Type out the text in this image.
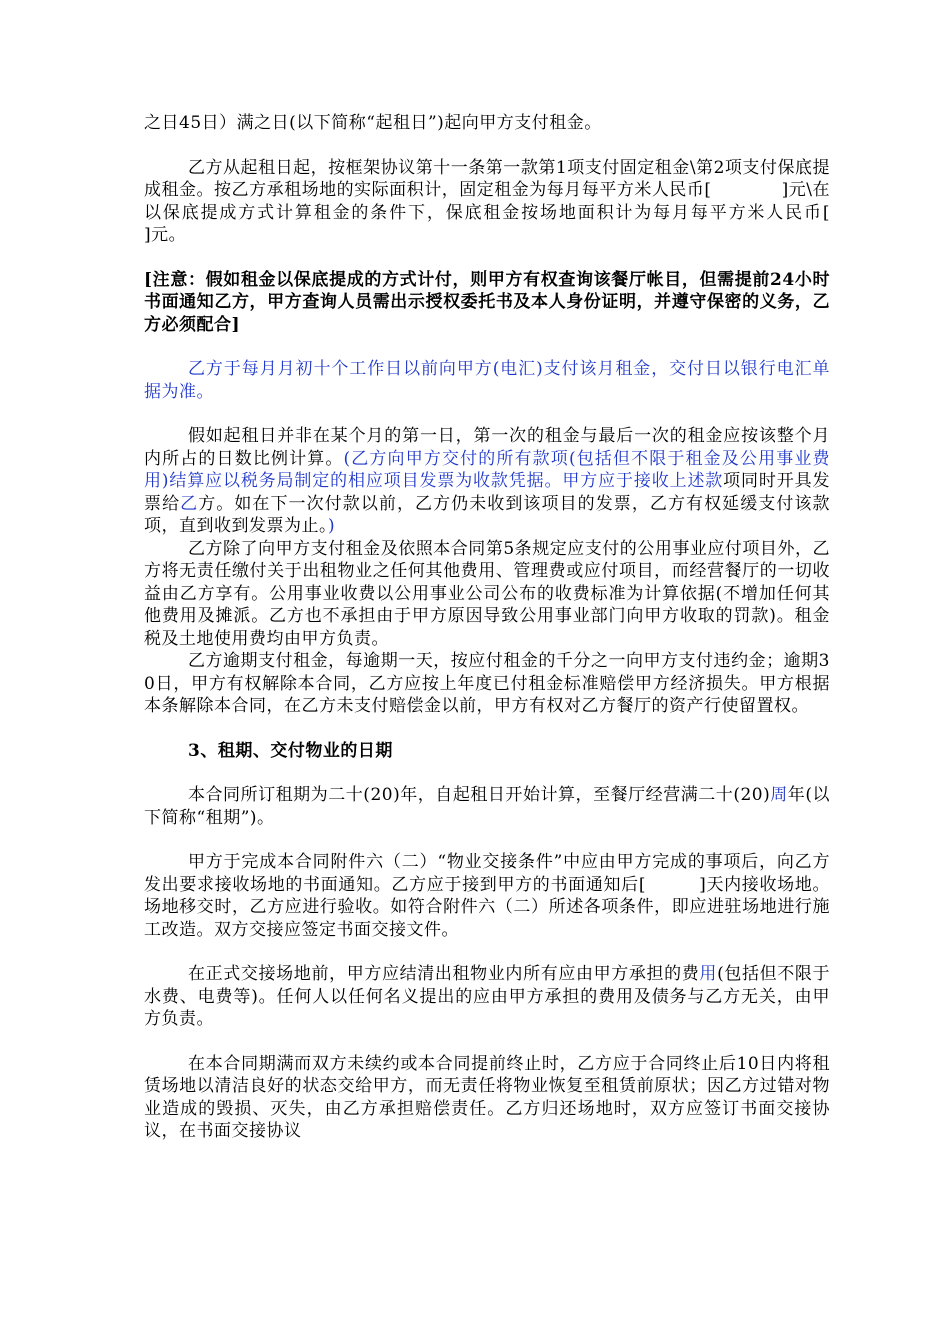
之日45日）满之日(以下简称“起租日”)起向甲方支付租金。

乙方从起租日起，按框架协议第十一条第一款第1项支付固定租金\第2项支付保底提成租金。按乙方承租场地的实际面积计，固定租金为每月每平方米人民币[　　　　]元\在以保底提成方式计算租金的条件下，保底租金按场地面积计为每月每平方米人民币[　　　]元。

[注意：假如租金以保底提成的方式计付，则甲方有权查询该餐厅帐目，但需提前24小时书面通知乙方，甲方查询人员需出示授权委托书及本人身份证明，并遵守保密的义务，乙方必须配合]

乙方于每月月初十个工作日以前向甲方(电汇)支付该月租金，交付日以银行电汇单据为准。

假如起租日并非在某个月的第一日，第一次的租金与最后一次的租金应按该整个月内所占的日数比例计算。(乙方向甲方交付的所有款项(包括但不限于租金及公用事业费用)结算应以税务局制定的相应项目发票为收款凭据。甲方应于接收上述款项同时开具发票给乙方。如在下一次付款以前，乙方仍未收到该项目的发票，乙方有权延缓支付该款项，直到收到发票为止。)

乙方除了向甲方支付租金及依照本合同第5条规定应支付的公用事业应付项目外，乙方将无责任缴付关于出租物业之任何其他费用、管理费或应付项目，而经营餐厅的一切收益由乙方享有。公用事业收费以公用事业公司公布的收费标准为计算依据(不增加任何其他费用及摊派。乙方也不承担由于甲方原因导致公用事业部门向甲方收取的罚款)。租金税及土地使用费均由甲方负责。

乙方逾期支付租金，每逾期一天，按应付租金的千分之一向甲方支付违约金；逾期30日，甲方有权解除本合同，乙方应按上年度已付租金标准赔偿甲方经济损失。甲方根据本条解除本合同，在乙方未支付赔偿金以前，甲方有权对乙方餐厅的资产行使留置权。

3、租期、交付物业的日期

本合同所订租期为二十(20)年，自起租日开始计算，至餐厅经营满二十(20)周年(以下简称“租期”)。

甲方于完成本合同附件六（二）“物业交接条件”中应由甲方完成的事项后，向乙方发出要求接收场地的书面通知。乙方应于接到甲方的书面通知后[　　　]天内接收场地。场地移交时，乙方应进行验收。如符合附件六（二）所述各项条件，即应进驻场地进行施工改造。双方交接应签定书面交接文件。

在正式交接场地前，甲方应结清出租物业内所有应由甲方承担的费用(包括但不限于水费、电费等)。任何人以任何名义提出的应由甲方承担的费用及债务与乙方无关，由甲方负责。

在本合同期满而双方未续约或本合同提前终止时，乙方应于合同终止后10日内将租赁场地以清洁良好的状态交给甲方，而无责任将物业恢复至租赁前原状；因乙方过错对物业造成的毁损、灭失，由乙方承担赔偿责任。乙方归还场地时，双方应签订书面交接协议，在书面交接协议
